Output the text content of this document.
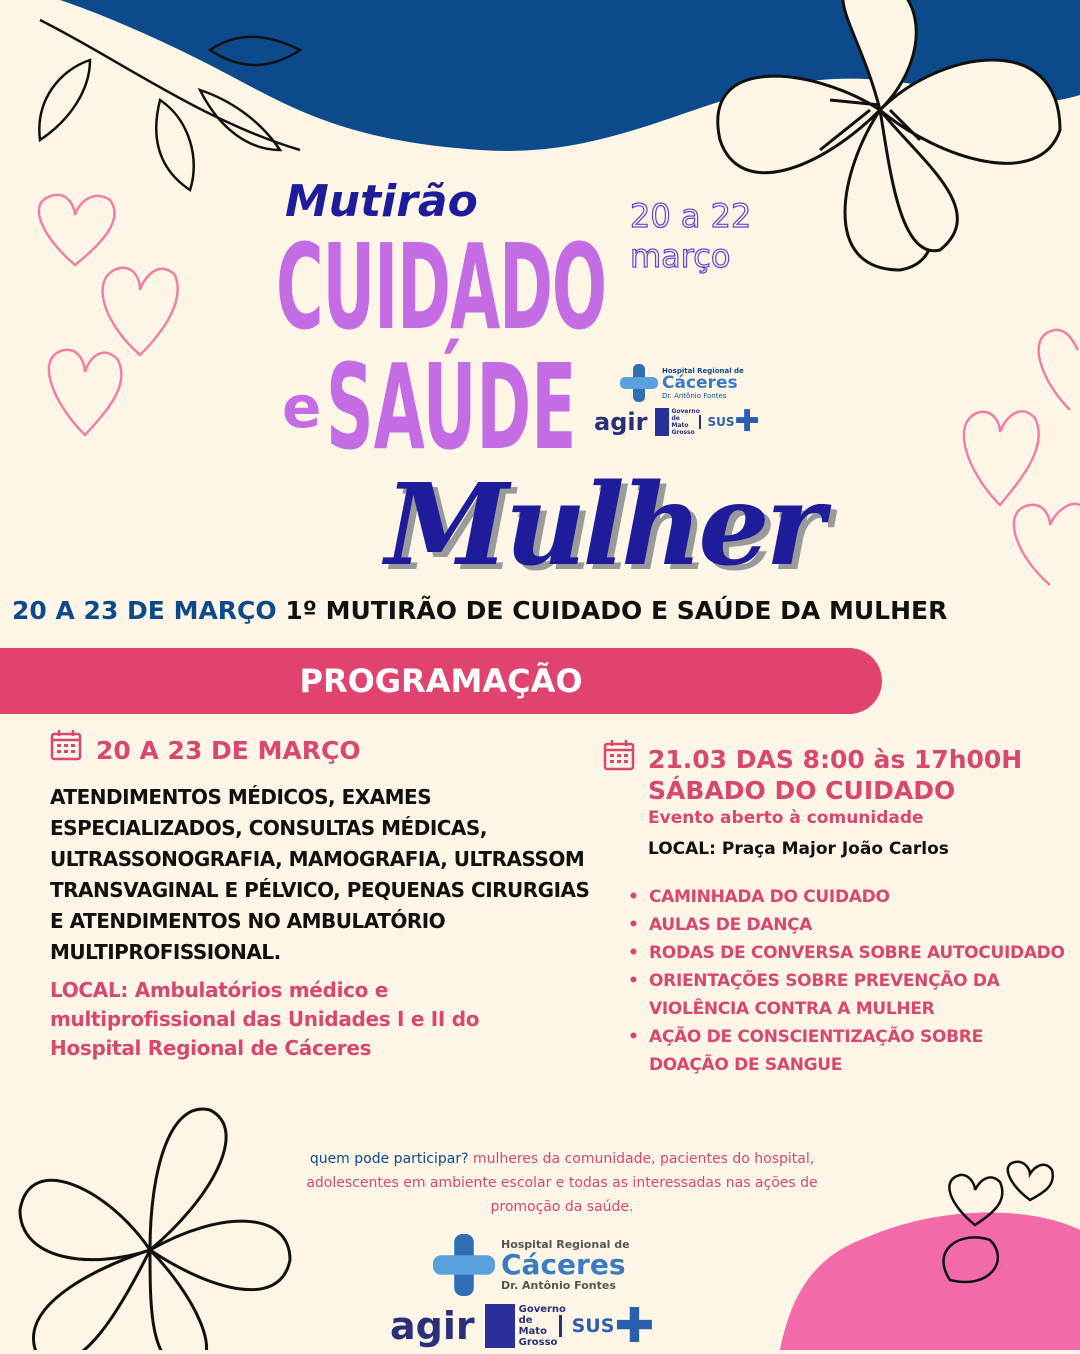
Mutirão
CUIDADO
e SAÚDE
20 a 22 março
Hospital Regional de
Cáceres
Dr. Antônio Fontes
agir	Governo de Mato Grosso
SUS ✚
Mulher
20 A 23 DE MARÇO 1º MUTIRÃO DE CUIDADO E SAÚDE DA MULHER
PROGRAMAÇÃO
20 A 23 DE MARÇO
ATENDIMENTOS MÉDICOS, EXAMES ESPECIALIZADOS, CONSULTAS MÉDICAS, ULTRASSONOGRAFIA, MAMOGRAFIA, ULTRASSOM TRANSVAGINAL E PÉLVICO, PEQUENAS CIRURGIAS E ATENDIMENTOS NO AMBULATÓRIO MULTIPROFISSIONAL.
LOCAL: Ambulatórios médico e multiprofissional das Unidades I e II do Hospital Regional de Cáceres
21.03 DAS 8:00 às 17h00H
SÁBADO DO CUIDADO
Evento aberto à comunidade
LOCAL: Praça Major João Carlos
• CAMINHADA DO CUIDADO
• AULAS DE DANÇA
• RODAS DE CONVERSA SOBRE AUTOCUIDADO
• ORIENTAÇÕES SOBRE PREVENÇÃO DA VIOLÊNCIA CONTRA A MULHER
• AÇÃO DE CONSCIENTIZAÇÃO SOBRE DOAÇÃO DE SANGUE
quem pode participar? mulheres da comunidade, pacientes do hospital, adolescentes em ambiente escolar e todas as interessadas nas ações de promoção da saúde.
Hospital Regional de
Cáceres
Dr. Antônio Fontes
agir	Governo de Mato Grosso
SUS ✚
